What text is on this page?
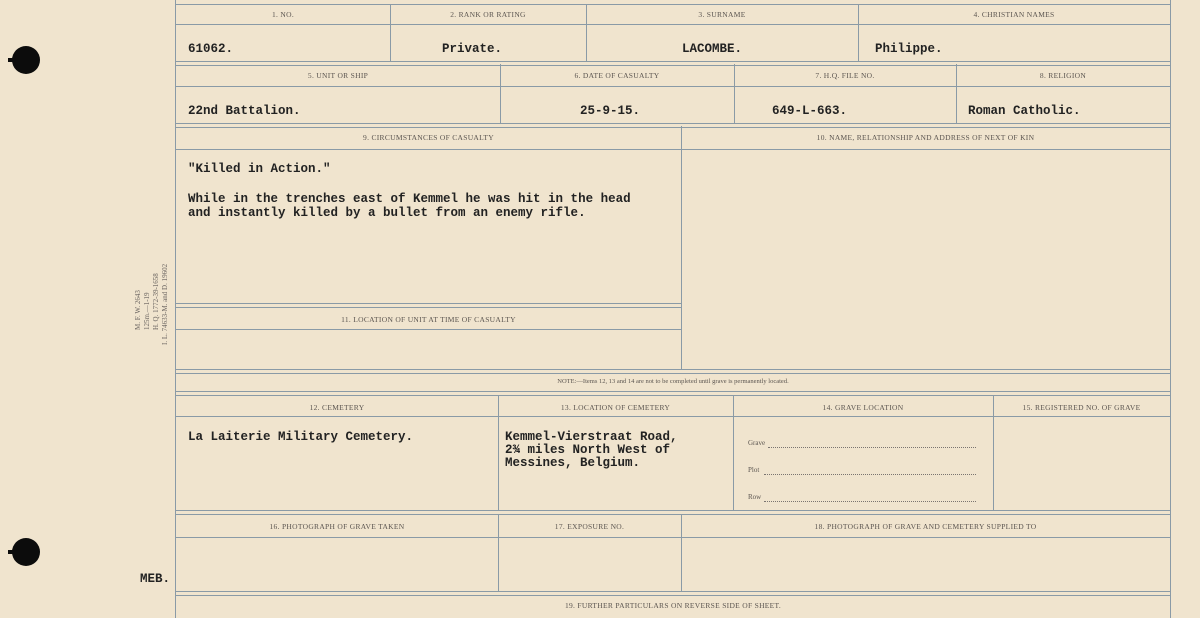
M. F. W. 2643 125m.—1-19 H. Q. 1772-39-1658 I. L. 74633-M. and D. 19602
MEB.
1. NO.	2. RANK OR RATING	3. SURNAME	4. CHRISTIAN NAMES
61062.	Private.	LACOMBE.	Philippe.
5. UNIT OR SHIP	6. DATE OF CASUALTY	7. H.Q. FILE NO.	8. RELIGION
22nd Battalion.	25-9-15.	649-L-663.	Roman Catholic.
9. CIRCUMSTANCES OF CASUALTY	10. NAME, RELATIONSHIP AND ADDRESS OF NEXT OF KIN
"Killed in Action."
While in the trenches east of Kemmel he was hit in the head
and instantly killed by a bullet from an enemy rifle.
11. LOCATION OF UNIT AT TIME OF CASUALTY
NOTE:—Items 12, 13 and 14 are not to be completed until grave is permanently located.
12. CEMETERY	13. LOCATION OF CEMETERY	14. GRAVE LOCATION	15. REGISTERED NO. OF GRAVE
La Laiterie Military Cemetery.	Kemmel-Vierstraat Road,
2¾ miles North West of
Messines, Belgium.
Grave
Plot
Row
16. PHOTOGRAPH OF GRAVE TAKEN	17. EXPOSURE NO.	18. PHOTOGRAPH OF GRAVE AND CEMETERY SUPPLIED TO
19. FURTHER PARTICULARS ON REVERSE SIDE OF SHEET.
